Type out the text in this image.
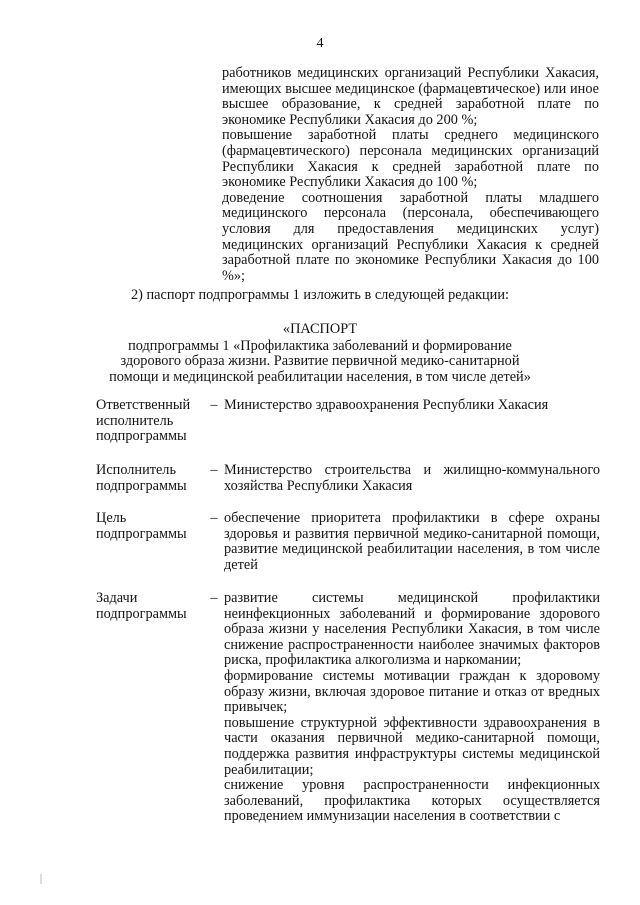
4

работников медицинских организаций Республики Хакасия, имеющих высшее медицинское (фармацевтическое) или иное высшее образование, к средней заработной плате по экономике Республики Хакасия до 200 %;

повышение заработной платы среднего медицинского (фармацевтического) персонала медицинских организаций Республики Хакасия к средней заработной плате по экономике Республики Хакасия до 100 %;

доведение соотношения заработной платы младшего медицинского персонала (персонала, обеспечивающего условия для предоставления медицинских услуг) медицинских организаций Республики Хакасия к средней заработной плате по экономике Республики Хакасия до 100 %»;

2) паспорт подпрограммы 1 изложить в следующей редакции:

«ПАСПОРТ

подпрограммы 1 «Профилактика заболеваний и формирование

здорового образа жизни. Развитие первичной медико-санитарной

помощи и медицинской реабилитации населения, в том числе детей»

Ответственный исполнитель подпрограммы
– Министерство здравоохранения Республики Хакасия

Исполнитель подпрограммы
– Министерство строительства и жилищно-коммунального хозяйства Республики Хакасия

Цель подпрограммы
– обеспечение приоритета профилактики в сфере охраны здоровья и развития первичной медико-санитарной помощи, развитие медицинской реабилитации населения, в том числе детей

Задачи подпрограммы
– развитие системы медицинской профилактики неинфекционных заболеваний и формирование здорового образа жизни у населения Республики Хакасия, в том числе снижение распространенности наиболее значимых факторов риска, профилактика алкоголизма и наркомании;

формирование системы мотивации граждан к здоровому образу жизни, включая здоровое питание и отказ от вредных привычек;

повышение структурной эффективности здравоохранения в части оказания первичной медико-санитарной помощи, поддержка развития инфраструктуры системы медицинской реабилитации;

снижение уровня распространенности инфекционных заболеваний, профилактика которых осуществляется проведением иммунизации населения в соответствии с
